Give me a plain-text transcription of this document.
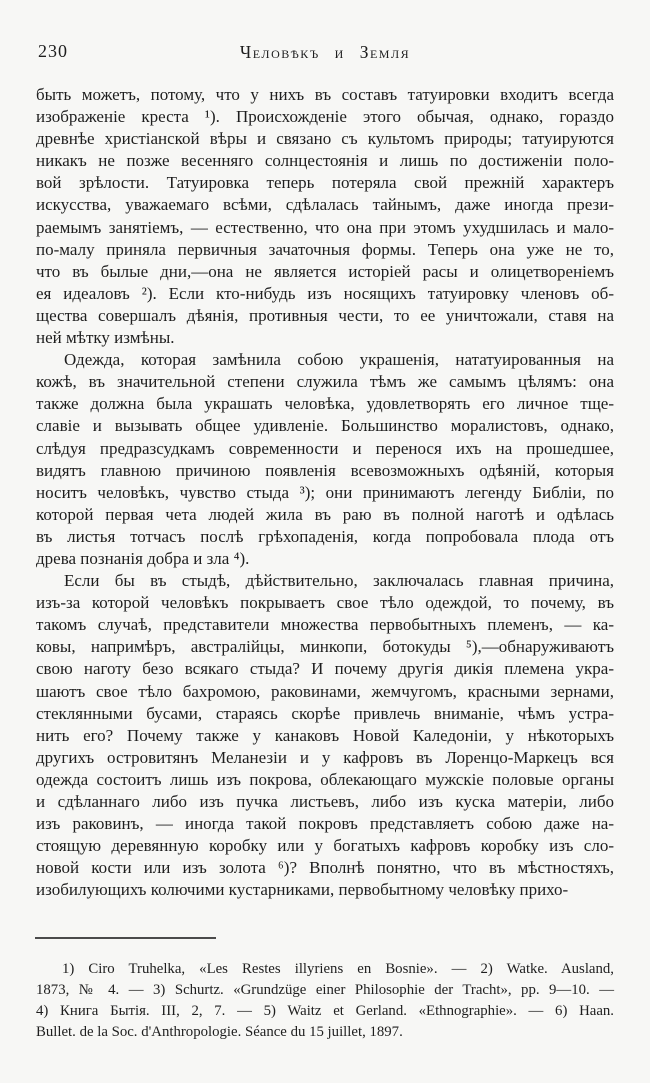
230	Человѣкъ и Земля
быть можетъ, потому, что у нихъ въ составъ татуировки входитъ всегда
изображеніе креста ¹). Происхожденіе этого обычая, однако, гораздо
древнѣе христіанской вѣры и связано съ культомъ природы; татуируются
никакъ не позже весенняго солнцестоянія и лишь по достиженіи поло-
вой зрѣлости. Татуировка теперь потеряла свой прежній характеръ
искусства, уважаемаго всѣми, сдѣлалась тайнымъ, даже иногда прези-
раемымъ занятіемъ, — естественно, что она при этомъ ухудшилась и мало-
по-малу приняла первичныя зачаточныя формы. Теперь она уже не то,
что въ былые дни,—она не является исторіей расы и олицетвореніемъ
ея идеаловъ ²). Если кто-нибудь изъ носящихъ татуировку членовъ об-
щества совершалъ дѣянія, противныя чести, то ее уничтожали, ставя на
ней мѣтку измѣны.
Одежда, которая замѣнила собою украшенія, нататуированныя на
кожѣ, въ значительной степени служила тѣмъ же самымъ цѣлямъ: она
также должна была украшать человѣка, удовлетворять его личное тще-
славіе и вызывать общее удивленіе. Большинство моралистовъ, однако,
слѣдуя предразсудкамъ современности и перенося ихъ на прошедшее,
видятъ главною причиною появленія всевозможныхъ одѣяній, которыя
носитъ человѣкъ, чувство стыда ³); они принимаютъ легенду Библіи, по
которой первая чета людей жила въ раю въ полной наготѣ и одѣлась
въ листья тотчасъ послѣ грѣхопаденія, когда попробовала плода отъ
древа познанія добра и зла ⁴).
Если бы въ стыдѣ, дѣйствительно, заключалась главная причина,
изъ-за которой человѣкъ покрываетъ свое тѣло одеждой, то почему, въ
такомъ случаѣ, представители множества первобытныхъ племенъ, — ка-
ковы, напримѣръ, австралійцы, минкопи, ботокуды ⁵),—обнаруживаютъ
свою наготу безо всякаго стыда? И почему другія дикія племена укра-
шаютъ свое тѣло бахромою, раковинами, жемчугомъ, красными зернами,
стеклянными бусами, стараясь скорѣе привлечь вниманіе, чѣмъ устра-
нить его? Почему также у канаковъ Новой Каледоніи, у нѣкоторыхъ
другихъ островитянъ Меланезіи и у кафровъ въ Лоренцо-Маркецъ вся
одежда состоитъ лишь изъ покрова, облекающаго мужскіе половые органы
и сдѣланнаго либо изъ пучка листьевъ, либо изъ куска матеріи, либо
изъ раковинъ, — иногда такой покровъ представляетъ собою даже на-
стоящую деревянную коробку или у богатыхъ кафровъ коробку изъ сло-
новой кости или изъ золота ⁶)? Вполнѣ понятно, что въ мѣстностяхъ,
изобилующихъ колючими кустарниками, первобытному человѣку прихо-
1) Ciro Truhelka, «Les Restes illyriens en Bosnie». — 2) Watke. Ausland,
1873, № 4. — 3) Schurtz. «Grundzüge einer Philosophie der Tracht», pp. 9—10. —
4) Книга Бытія. III, 2, 7. — 5) Waitz et Gerland. «Ethnographie». — 6) Haan.
Bullet. de la Soc. d'Anthropologie. Séance du 15 juillet, 1897.
